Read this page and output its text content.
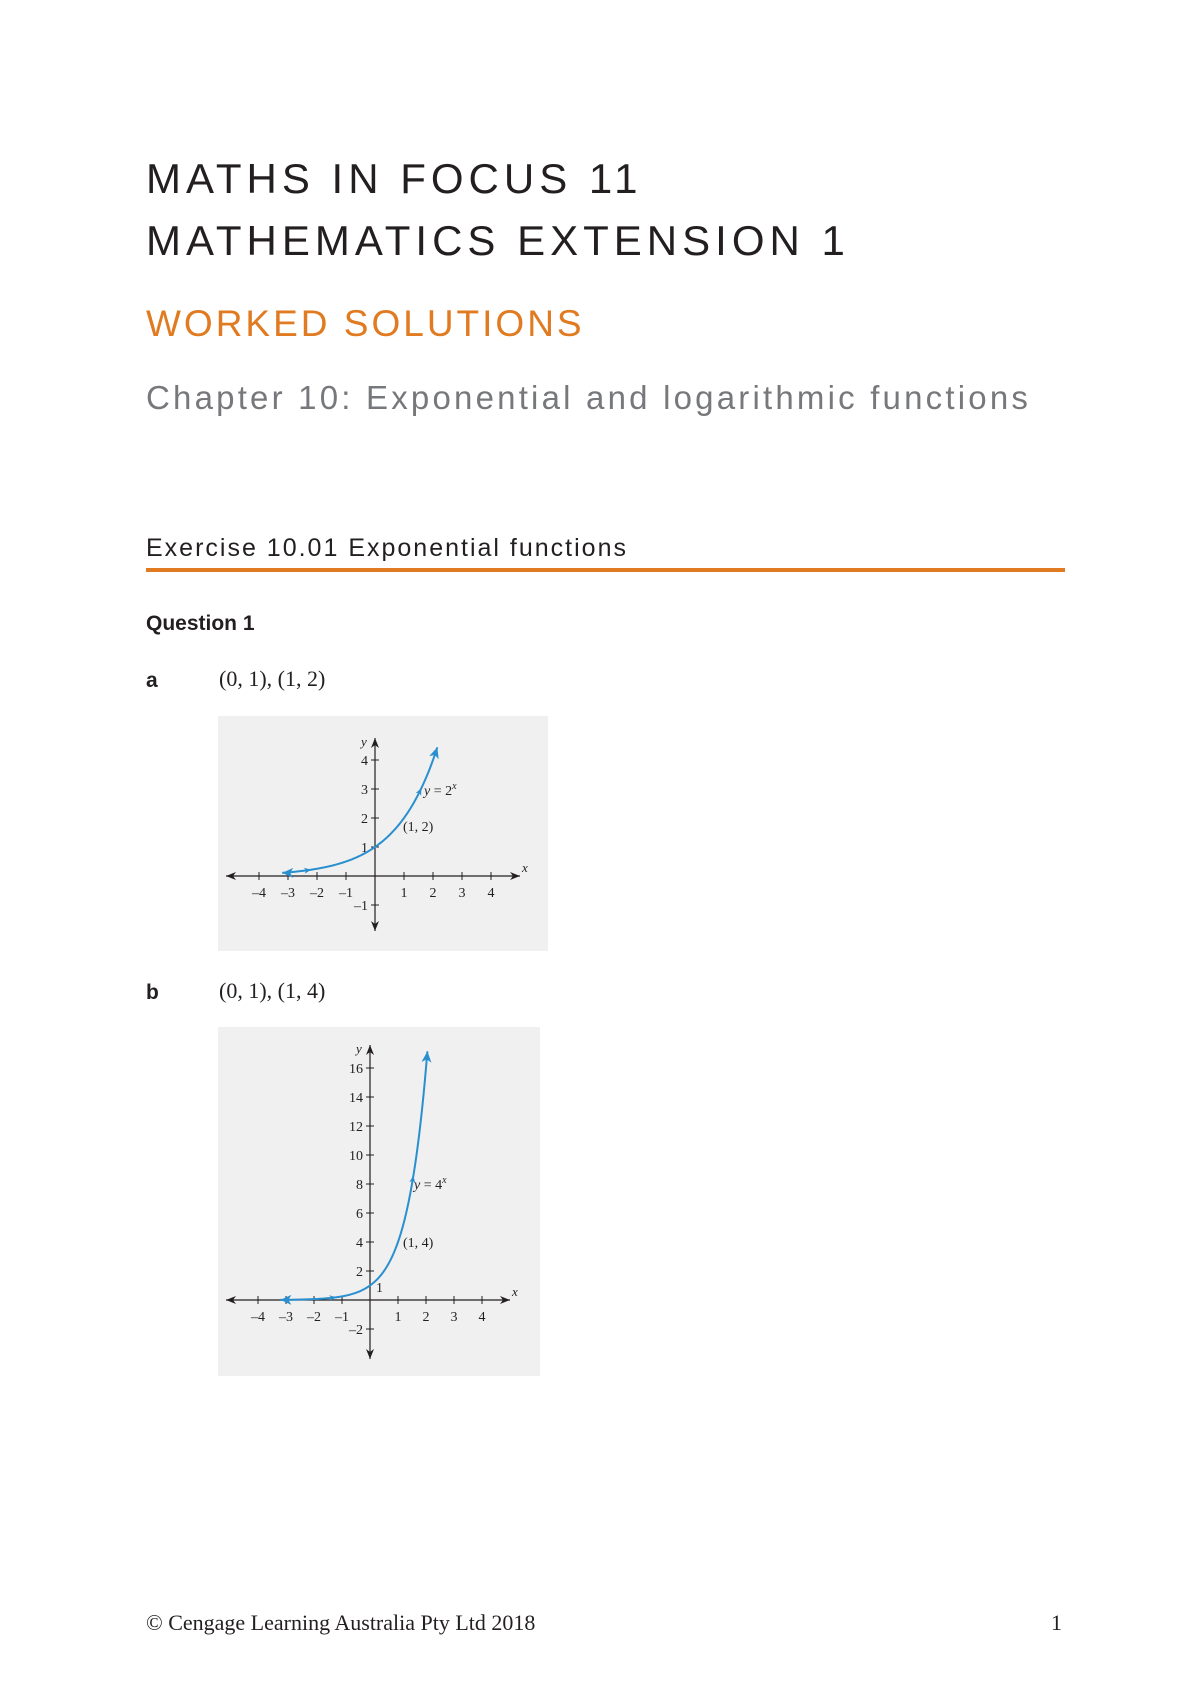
MATHS IN FOCUS 11
MATHEMATICS EXTENSION 1
WORKED SOLUTIONS
Chapter 10: Exponential and logarithmic functions
Exercise 10.01 Exponential functions
Question 1
a	(0, 1), (1, 2)
–4 –3 –2 –1	1 2 3 4
–1
1
2
3
4
x
y
$y = 2^x$
(1, 2)
b	(0, 1), (1, 4)
–4 –3 –2 –1	1 2 3 4
–2
2
4
6
8
10
12
14
16
x
y
$y = 4^x$
(1, 4)
1
© Cengage Learning Australia Pty Ltd 2018	1
